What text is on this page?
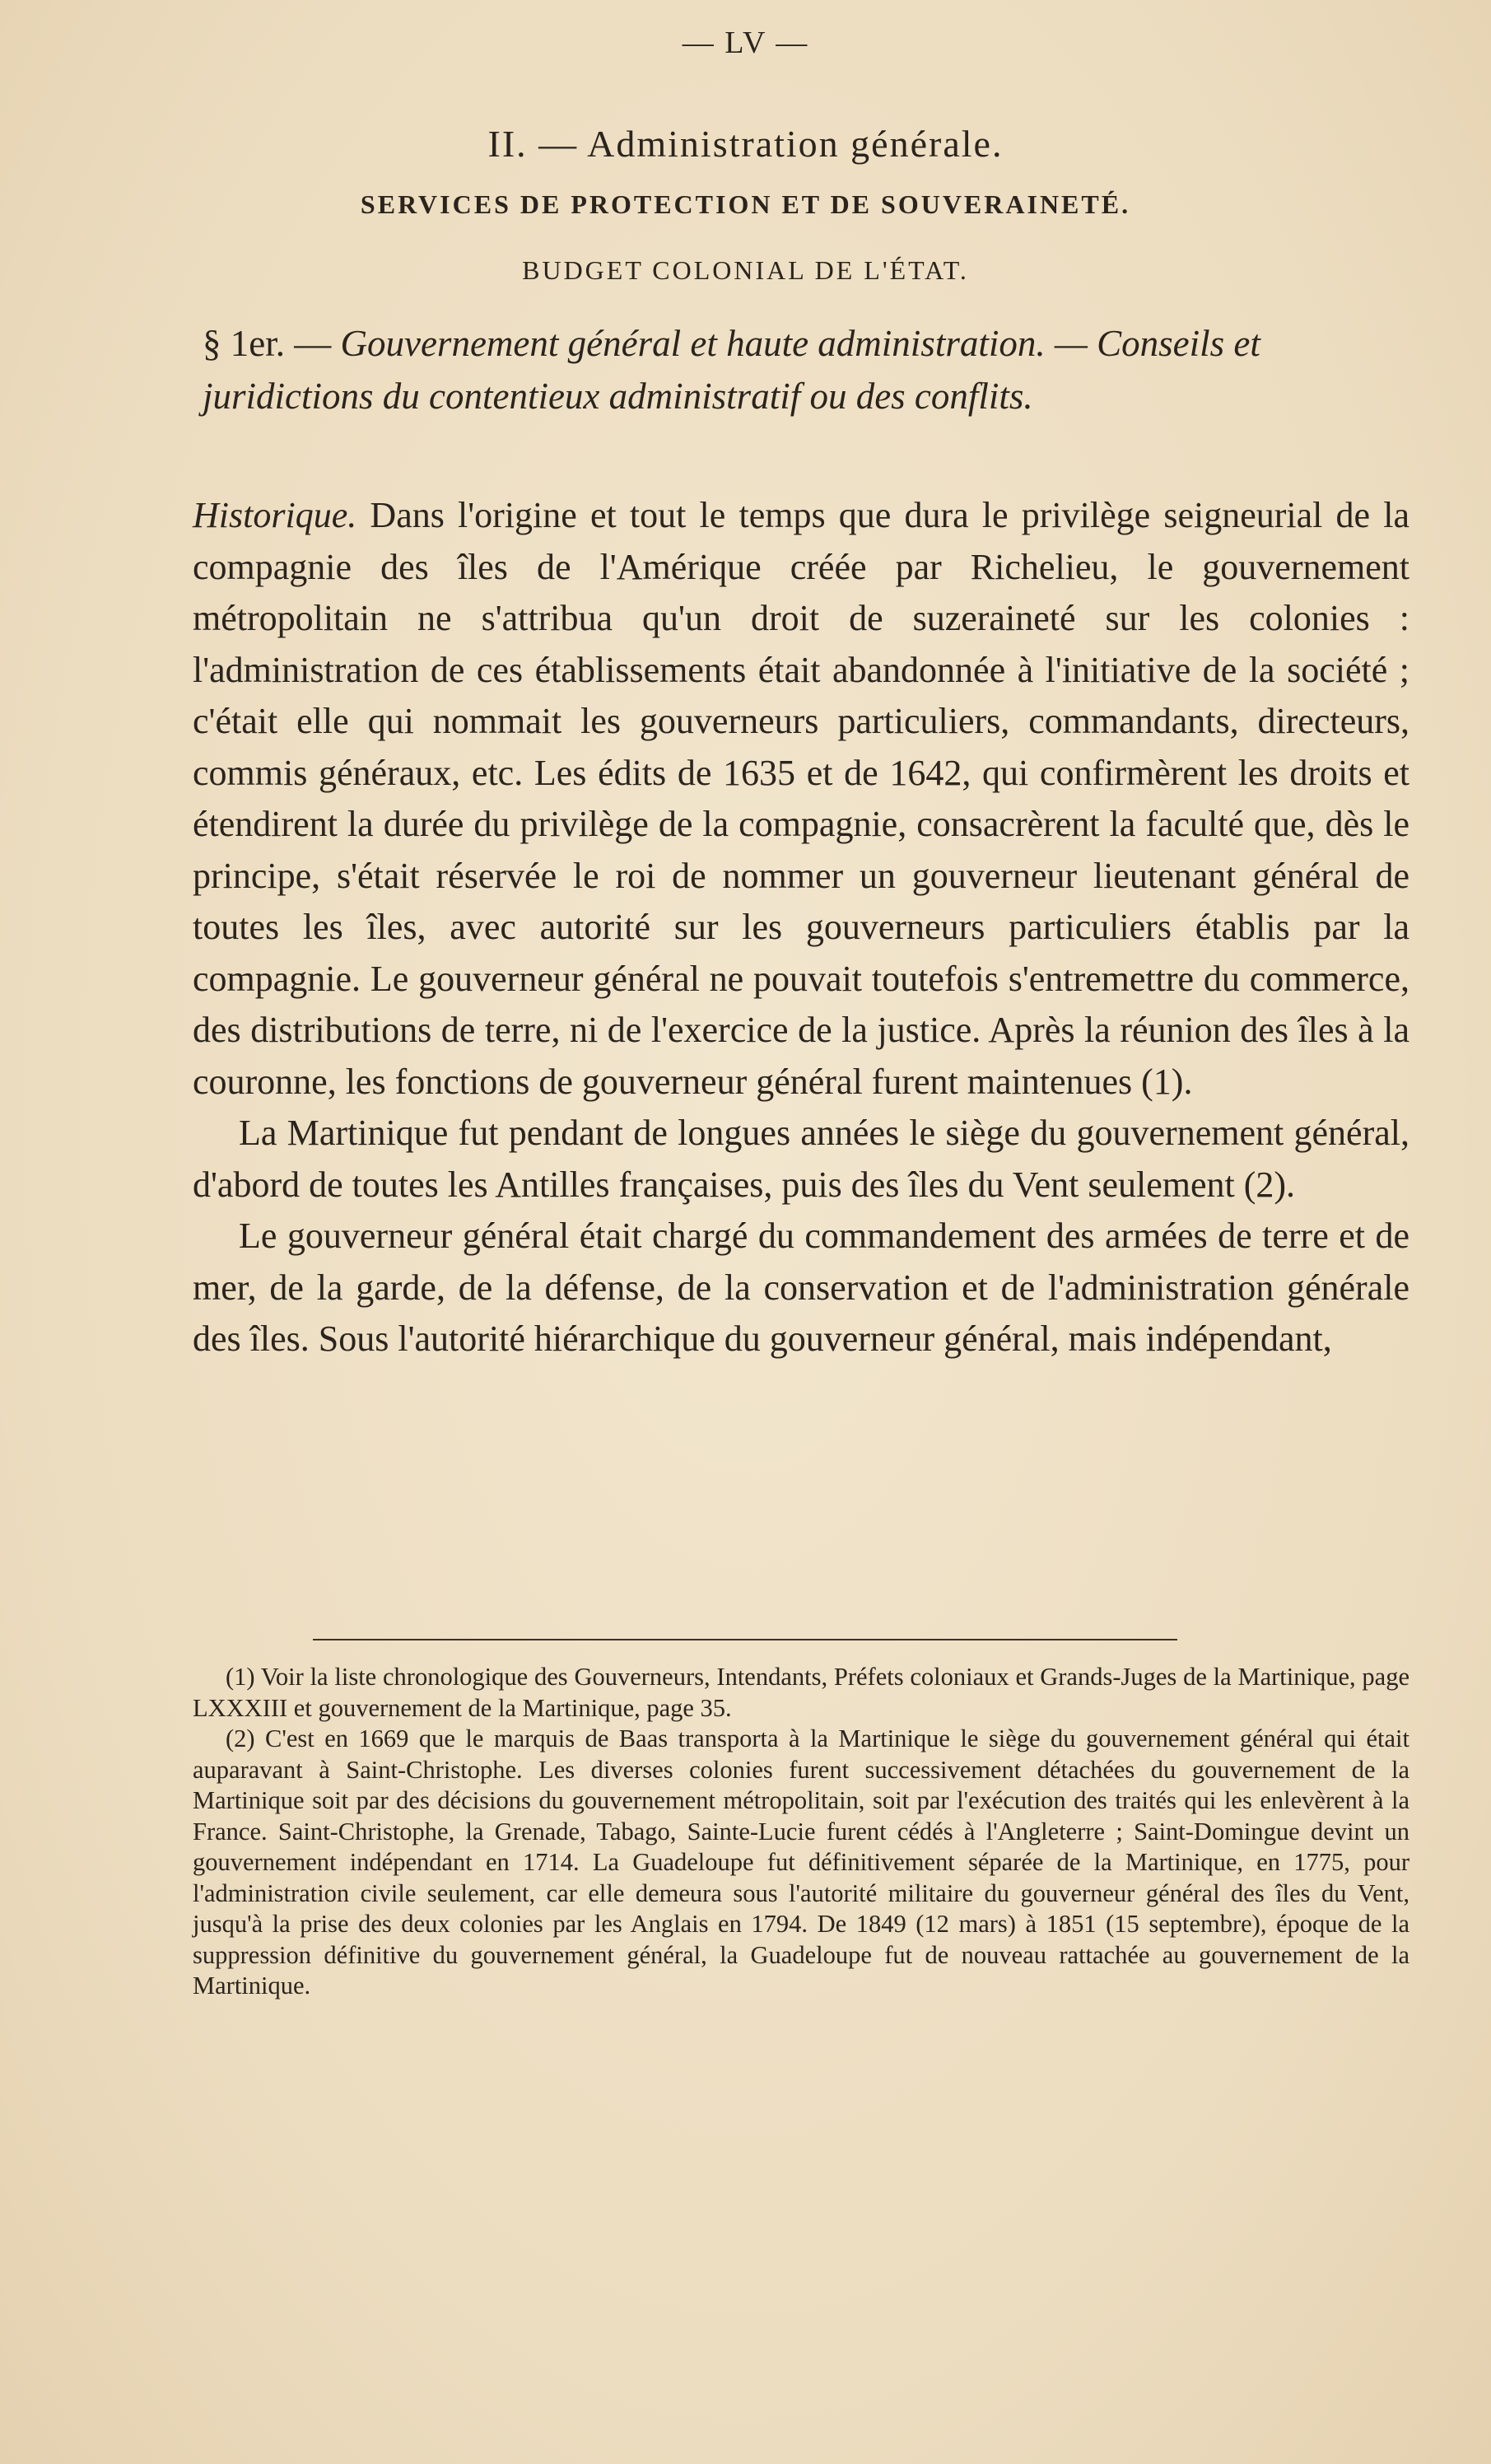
— LV —
II. — Administration générale.
SERVICES DE PROTECTION ET DE SOUVERAINETÉ.
BUDGET COLONIAL DE L'ÉTAT.
§ 1er. — Gouvernement général et haute administration. — Conseils et juridictions du contentieux administratif ou des conflits.

Historique. Dans l'origine et tout le temps que dura le privilège seigneurial de la compagnie des îles de l'Amérique créée par Richelieu, le gouvernement métropolitain ne s'attribua qu'un droit de suzeraineté sur les colonies : l'administration de ces établissements était abandonnée à l'initiative de la société ; c'était elle qui nommait les gouverneurs particuliers, commandants, directeurs, commis généraux, etc. Les édits de 1635 et de 1642, qui confirmèrent les droits et étendirent la durée du privilège de la compagnie, consacrèrent la faculté que, dès le principe, s'était réservée le roi de nommer un gouverneur lieutenant général de toutes les îles, avec autorité sur les gouverneurs particuliers établis par la compagnie. Le gouverneur général ne pouvait toutefois s'entremettre du commerce, des distributions de terre, ni de l'exercice de la justice. Après la réunion des îles à la couronne, les fonctions de gouverneur général furent maintenues (1).

La Martinique fut pendant de longues années le siège du gouvernement général, d'abord de toutes les Antilles françaises, puis des îles du Vent seulement (2).

Le gouverneur général était chargé du commandement des armées de terre et de mer, de la garde, de la défense, de la conservation et de l'administration générale des îles. Sous l'autorité hiérarchique du gouverneur général, mais indépendant,

(1) Voir la liste chronologique des Gouverneurs, Intendants, Préfets coloniaux et Grands-Juges de la Martinique, page LXXXIII et gouvernement de la Martinique, page 35.

(2) C'est en 1669 que le marquis de Baas transporta à la Martinique le siège du gouvernement général qui était auparavant à Saint-Christophe. Les diverses colonies furent successivement détachées du gouvernement de la Martinique soit par des décisions du gouvernement métropolitain, soit par l'exécution des traités qui les enlevèrent à la France. Saint-Christophe, la Grenade, Tabago, Sainte-Lucie furent cédés à l'Angleterre ; Saint-Domingue devint un gouvernement indépendant en 1714. La Guadeloupe fut définitivement séparée de la Martinique, en 1775, pour l'administration civile seulement, car elle demeura sous l'autorité militaire du gouverneur général des îles du Vent, jusqu'à la prise des deux colonies par les Anglais en 1794. De 1849 (12 mars) à 1851 (15 septembre), époque de la suppression définitive du gouvernement général, la Guadeloupe fut de nouveau rattachée au gouvernement de la Martinique.
